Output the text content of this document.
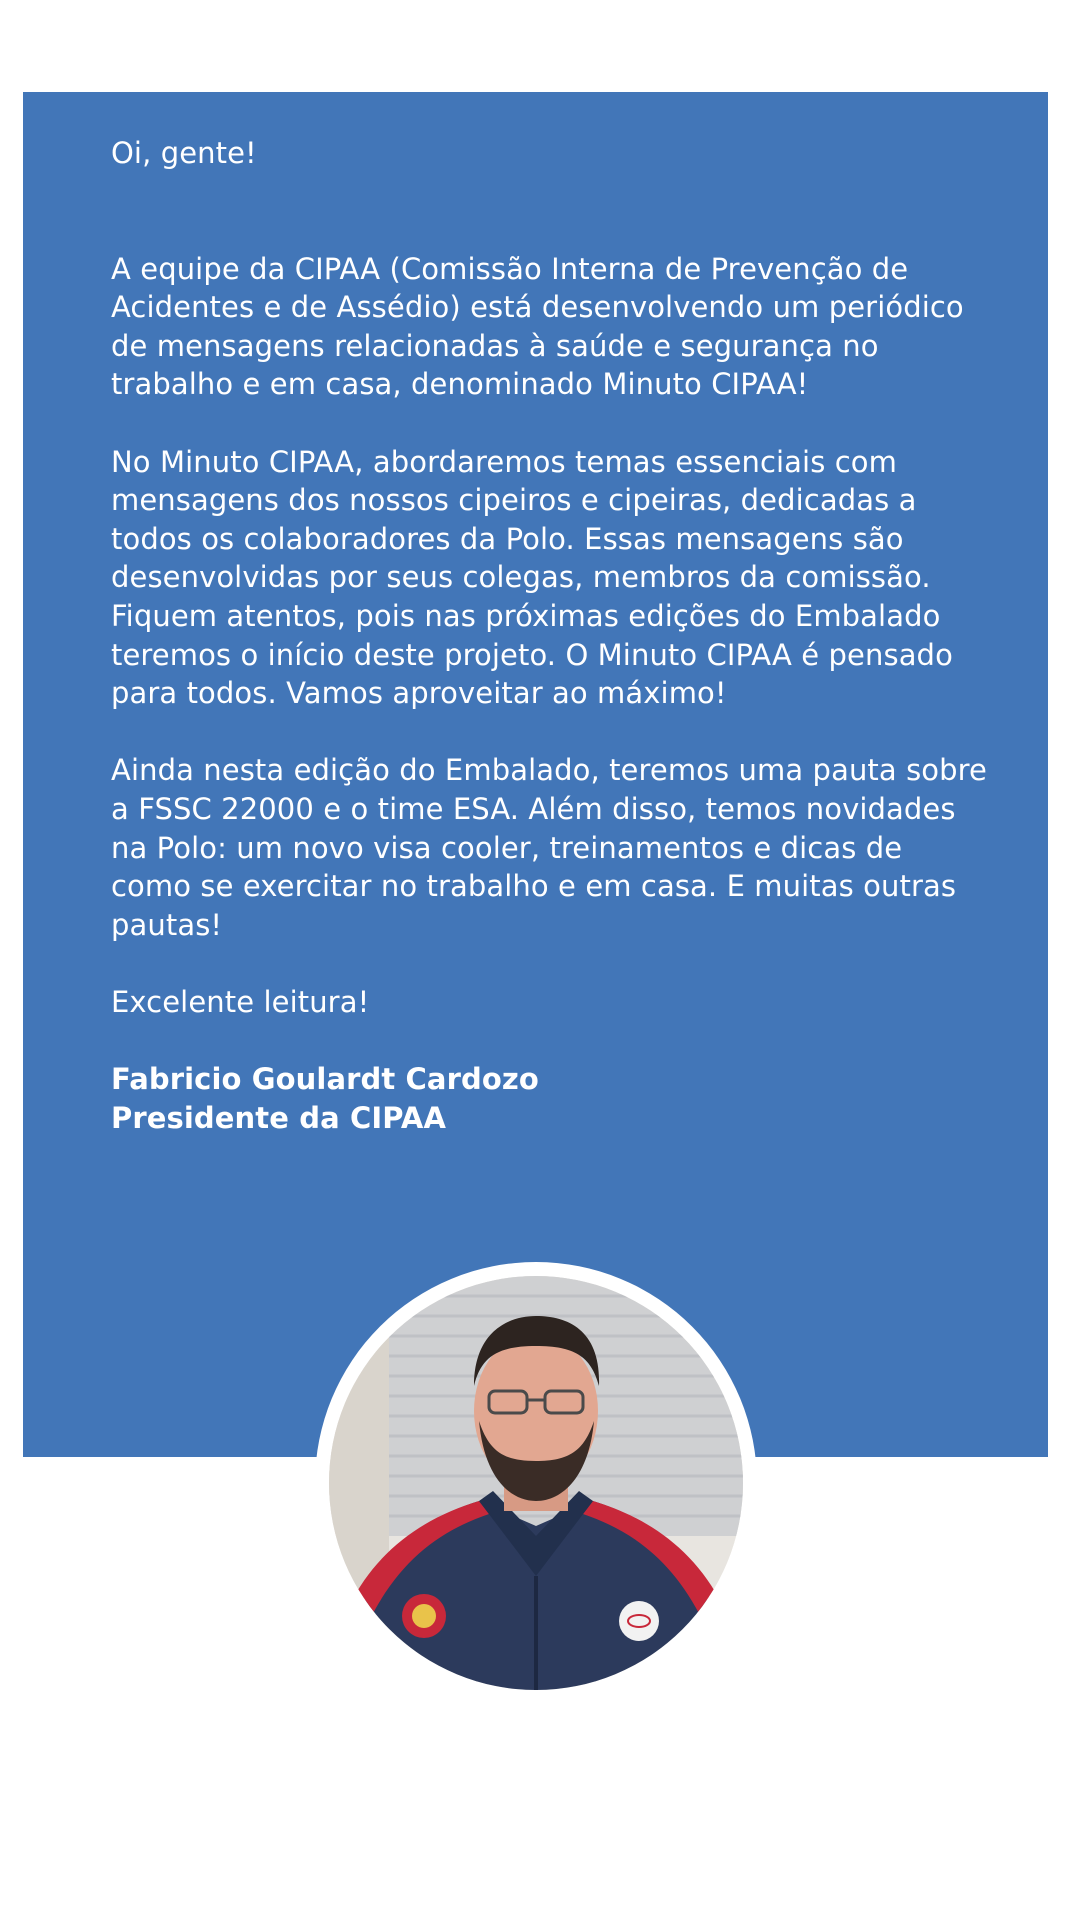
Oi, gente!

A equipe da CIPAA (Comissão Interna de Prevenção de Acidentes e de Assédio) está desenvolvendo um periódico de mensagens relacionadas à saúde e segurança no trabalho e em casa, denominado Minuto CIPAA!

No Minuto CIPAA, abordaremos temas essenciais com mensagens dos nossos cipeiros e cipeiras, dedicadas a todos os colaboradores da Polo. Essas mensagens são desenvolvidas por seus colegas, membros da comissão. Fiquem atentos, pois nas próximas edições do Embalado teremos o início deste projeto. O Minuto CIPAA é pensado para todos. Vamos aproveitar ao máximo!

Ainda nesta edição do Embalado, teremos uma pauta sobre a FSSC 22000 e o time ESA. Além disso, temos novidades na Polo: um novo visa cooler, treinamentos e dicas de como se exercitar no trabalho e em casa. E muitas outras pautas!

Excelente leitura!

Fabricio Goulardt Cardozo

Presidente da CIPAA
